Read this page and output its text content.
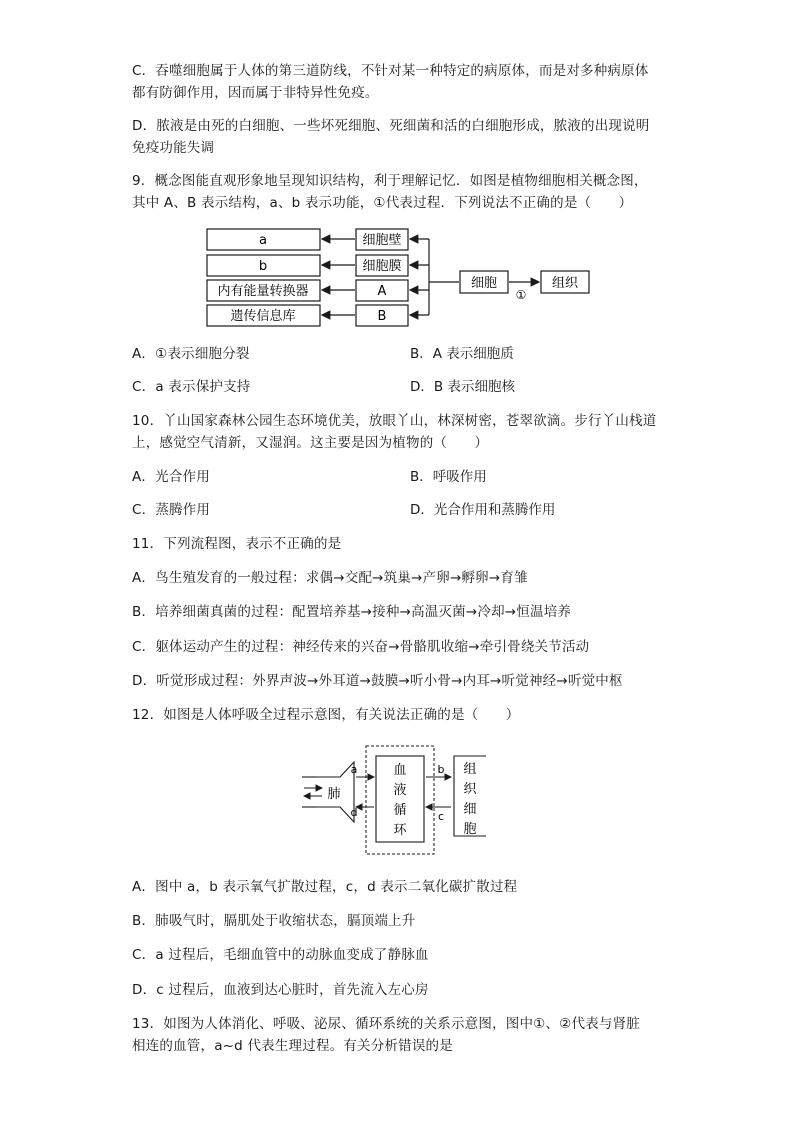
C．吞噬细胞属于人体的第三道防线，不针对某一种特定的病原体，而是对多种病原体
都有防御作用，因而属于非特异性免疫。
D．脓液是由死的白细胞、一些坏死细胞、死细菌和活的白细胞形成，脓液的出现说明
免疫功能失调
9．概念图能直观形象地呈现知识结构，利于理解记忆．如图是植物细胞相关概念图，
其中 A、B 表示结构，a、b 表示功能，①代表过程．下列说法不正确的是（　　）
a
b
内有能量转换器
遗传信息库
细胞壁
细胞膜
A
B
细胞
①
组织
A．①表示细胞分裂	B．A 表示细胞质
C．a 表示保护支持	D．B 表示细胞核
10．丫山国家森林公园生态环境优美，放眼丫山，林深树密，苍翠欲滴。步行丫山栈道
上，感觉空气清新，又湿润。这主要是因为植物的（　　）
A．光合作用	B．呼吸作用
C．蒸腾作用	D．光合作用和蒸腾作用
11．下列流程图，表示不正确的是
A．鸟生殖发育的一般过程：求偶→交配→筑巢→产卵→孵卵→育雏
B．培养细菌真菌的过程：配置培养基→接种→高温灭菌→冷却→恒温培养
C．躯体运动产生的过程：神经传来的兴奋→骨骼肌收缩→牵引骨绕关节活动
D．听觉形成过程：外界声波→外耳道→鼓膜→听小骨→内耳→听觉神经→听觉中枢
12．如图是人体呼吸全过程示意图，有关说法正确的是（　　）
肺
a
d
血
液
循
环
b
c
组
织
细
胞
A．图中 a，b 表示氧气扩散过程，c，d 表示二氧化碳扩散过程
B．肺吸气时，膈肌处于收缩状态，膈顶端上升
C．a 过程后，毛细血管中的动脉血变成了静脉血
D．c 过程后，血液到达心脏时，首先流入左心房
13．如图为人体消化、呼吸、泌尿、循环系统的关系示意图，图中①、②代表与肾脏
相连的血管，a~d 代表生理过程。有关分析错误的是
